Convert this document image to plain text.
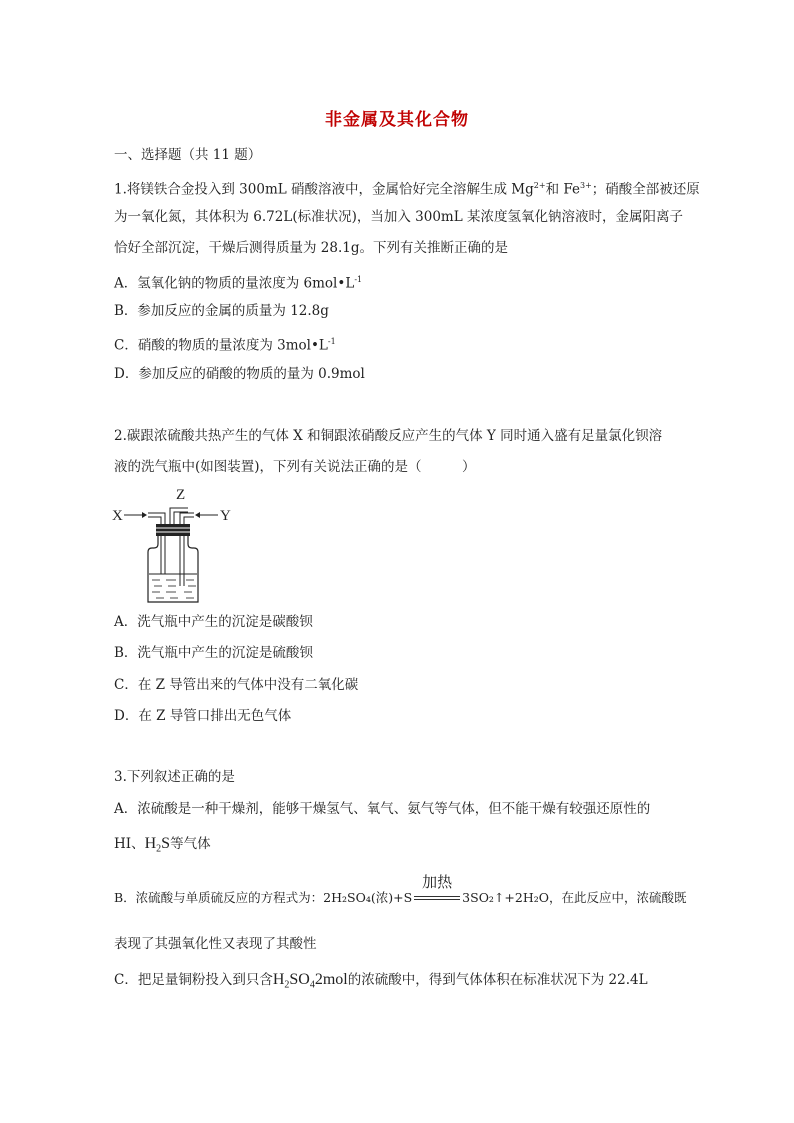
非金属及其化合物
一、选择题（共 11 题）
1.将镁铁合金投入到 300mL 硝酸溶液中，金属恰好完全溶解生成 $Mg^{2+}$和 $Fe^{3+}$；硝酸全部被还原
为一氧化氮，其体积为 6.72L(标准状况)，当加入 300mL 某浓度氢氧化钠溶液时，金属阳离子
恰好全部沉淀，干燥后测得质量为 28.1g。下列有关推断正确的是
A．氢氧化钠的物质的量浓度为 $6mol•L^{-1}$
B．参加反应的金属的质量为 12.8g
C．硝酸的物质的量浓度为 $3mol•L^{-1}$
D．参加反应的硝酸的物质的量为 0.9mol
2.碳跟浓硫酸共热产生的气体 X 和铜跟浓硝酸反应产生的气体 Y 同时通入盛有足量氯化钡溶
液的洗气瓶中(如图装置)，下列有关说法正确的是（　　　）
X	Y
Z
A．洗气瓶中产生的沉淀是碳酸钡
B．洗气瓶中产生的沉淀是硫酸钡
C．在 Z 导管出来的气体中没有二氧化碳
D．在 Z 导管口排出无色气体
3.下列叙述正确的是
A．浓硫酸是一种干燥剂，能够干燥氢气、氧气、氨气等气体，但不能干燥有较强还原性的
HI、$H_2S$等气体
B．浓硫酸与单质硫反应的方程式为：2H₂SO₄(浓)+S
加热
3SO₂↑+2H₂O，在此反应中，浓硫酸既
表现了其强氧化性又表现了其酸性
C．把足量铜粉投入到只含$H_2SO_42mol$的浓硫酸中，得到气体体积在标准状况下为 22.4L
